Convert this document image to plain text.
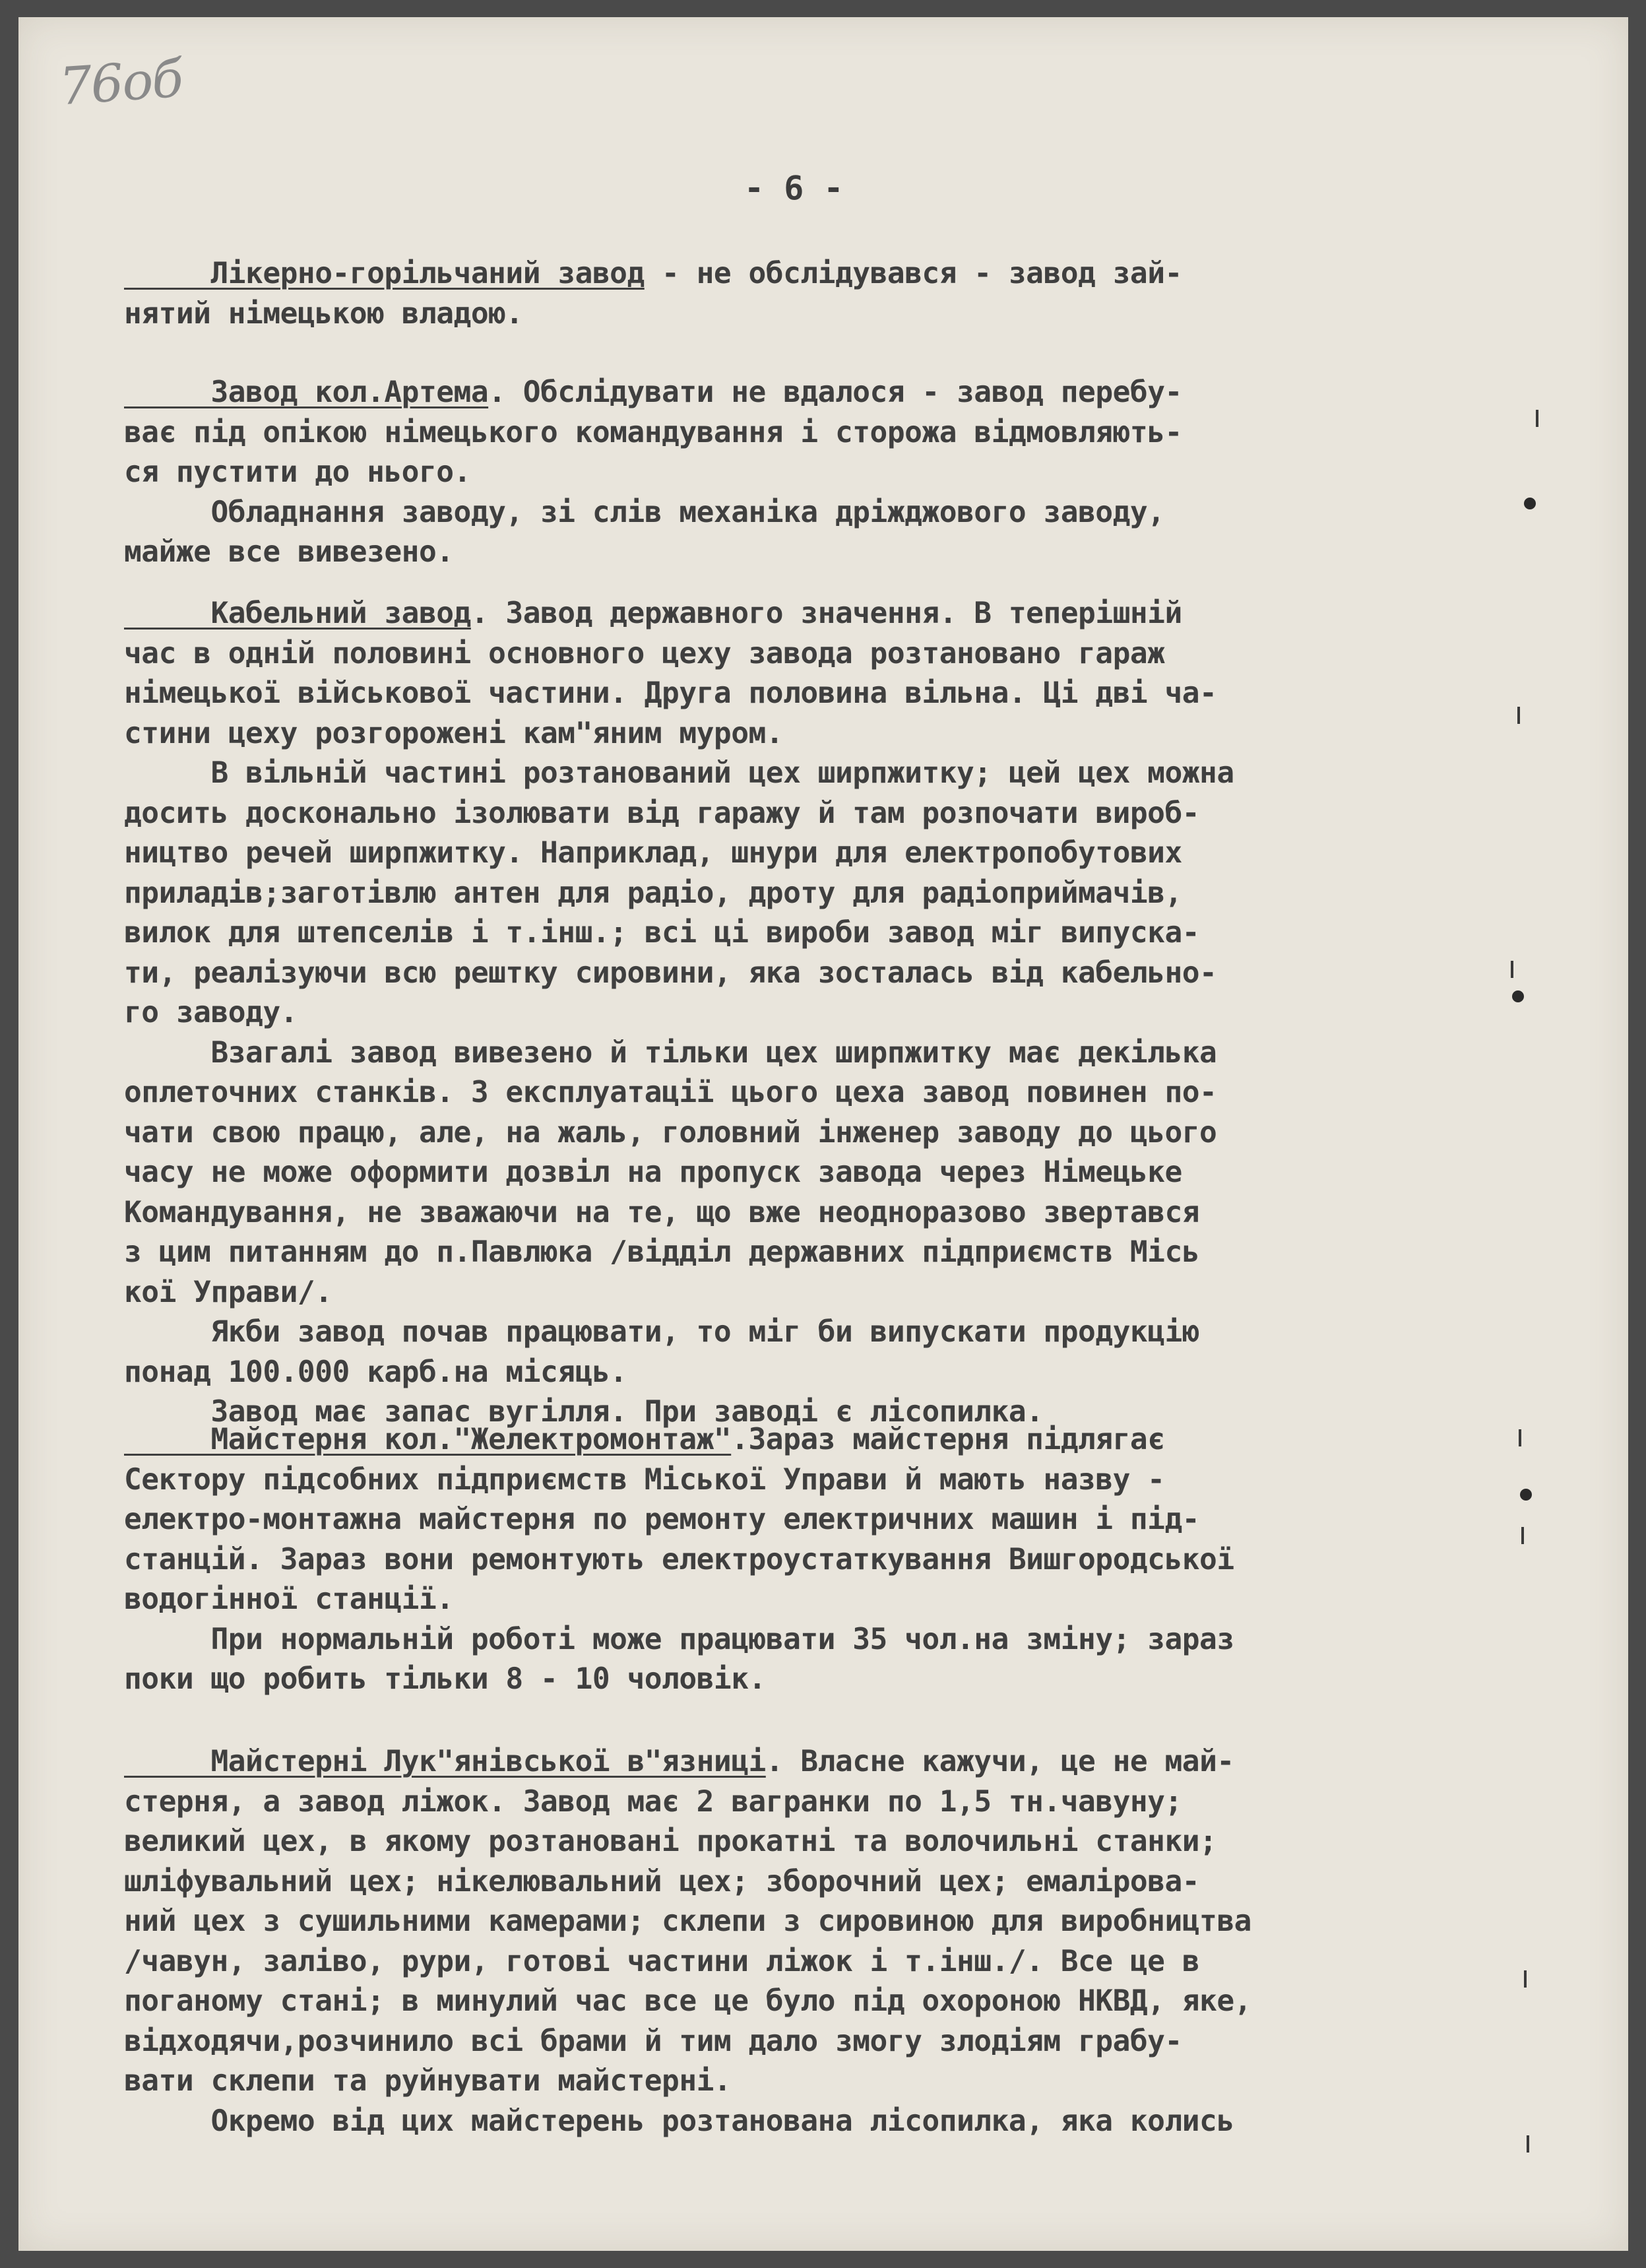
76об
- 6 -
Лікерно-горільчаний завод - не обслідувався - завод зай-
нятий німецькою владою.
Завод кол.Артема. Обслідувати не вдалося - завод перебу-
ває під опікою німецького командування і сторожа відмовляють-
ся пустити до нього.
Обладнання заводу, зі слів механіка дріжджового заводу,
майже все вивезено.
Кабельний завод. Завод державного значення. В теперішній
час в одній половині основного цеху завода розтановано гараж
німецької військової частини. Друга половина вільна. Ці дві ча-
стини цеху розгорожені кам"яним муром.
В вільній частині розтанований цех ширпжитку; цей цех можна
досить досконально ізолювати від гаражу й там розпочати вироб-
ництво речей ширпжитку. Наприклад, шнури для електропобутових
приладів;заготівлю антен для радіо, дроту для радіоприймачів,
вилок для штепселів і т.інш.; всі ці вироби завод міг випуска-
ти, реалізуючи всю рештку сировини, яка зосталась від кабельно-
го заводу.
Взагалі завод вивезено й тільки цех ширпжитку має декілька
оплеточних станків. З експлуатації цього цеха завод повинен по-
чати свою працю, але, на жаль, головний інженер заводу до цього
часу не може оформити дозвіл на пропуск завода через Німецьке
Командування, не зважаючи на те, що вже неодноразово звертався
з цим питанням до п.Павлюка /відділ державних підприємств Місь
кої Управи/.
Якби завод почав працювати, то міг би випускати продукцію
понад 100.000 карб.на місяць.
Завод має запас вугілля. При заводі є лісопилка.
Майстерня кол."Желектромонтаж".Зараз майстерня підлягає
Сектору підсобних підприємств Міської Управи й мають назву -
електро-монтажна майстерня по ремонту електричних машин і під-
станцій. Зараз вони ремонтують електроустаткування Вишгородської
водогінної станції.
При нормальній роботі може працювати 35 чол.на зміну; зараз
поки що робить тільки 8 - 10 чоловік.
Майстерні Лук"янівської в"язниці. Власне кажучи, це не май-
стерня, а завод ліжок. Завод має 2 вагранки по 1,5 тн.чавуну;
великий цех, в якому розтановані прокатні та волочильні станки;
шліфувальний цех; нікелювальний цех; зборочний цех; емалірова-
ний цех з сушильними камерами; склепи з сировиною для виробництва
/чавун, заліво, рури, готові частини ліжок і т.інш./. Все це в
поганому стані; в минулий час все це було під охороною НКВД, яке,
відходячи,розчинило всі брами й тим дало змогу злодіям грабу-
вати склепи та руйнувати майстерні.
Окремо від цих майстерень розтанована лісопилка, яка колись
